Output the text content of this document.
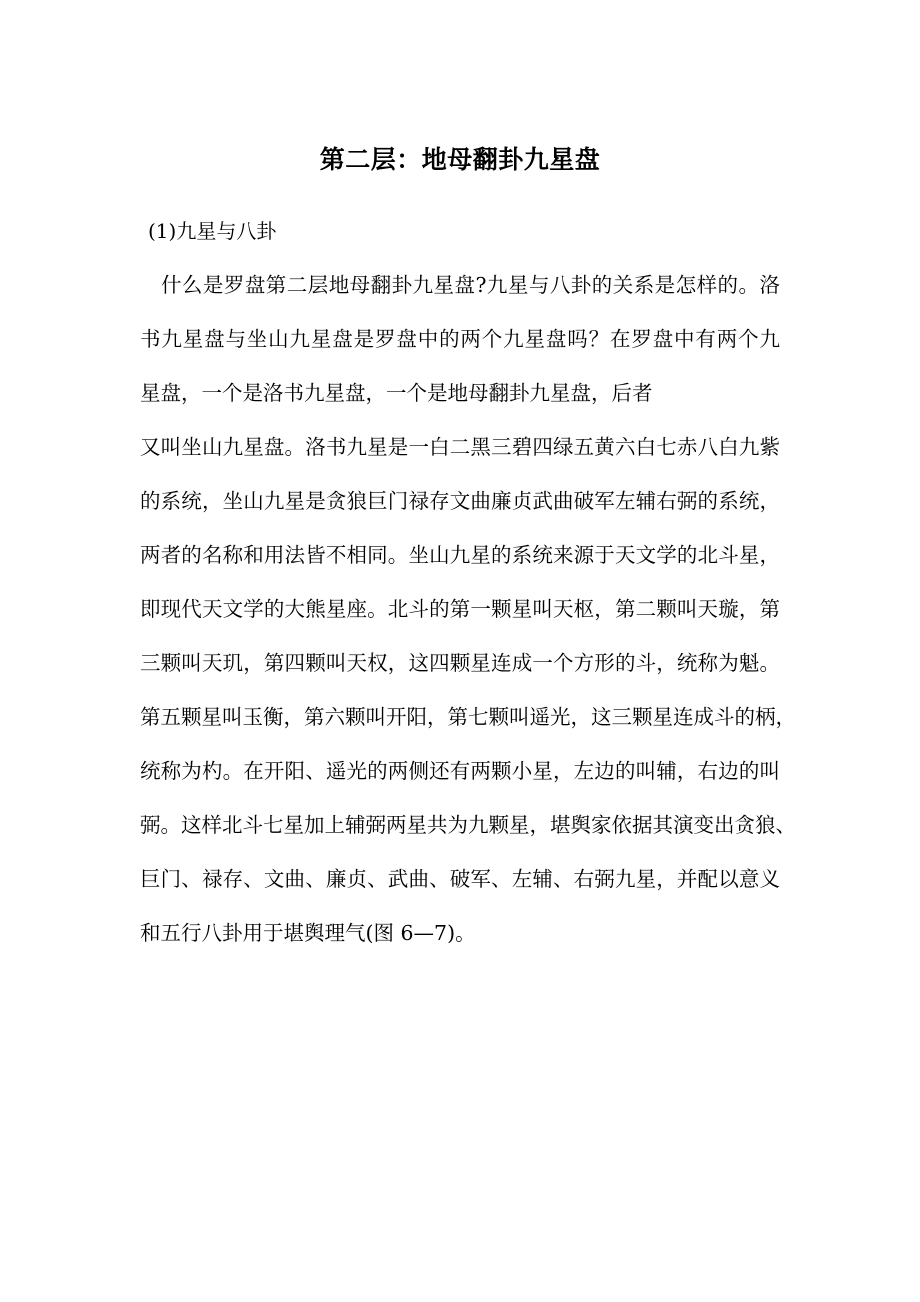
第二层：地母翻卦九星盘
(1)九星与八卦
　什么是罗盘第二层地母翻卦九星盘?九星与八卦的关系是怎样的。洛
书九星盘与坐山九星盘是罗盘中的两个九星盘吗？在罗盘中有两个九
星盘，一个是洛书九星盘，一个是地母翻卦九星盘，后者
又叫坐山九星盘。洛书九星是一白二黑三碧四绿五黄六白七赤八白九紫
的系统，坐山九星是贪狼巨门禄存文曲廉贞武曲破军左辅右弼的系统，
两者的名称和用法皆不相同。坐山九星的系统来源于天文学的北斗星，
即现代天文学的大熊星座。北斗的第一颗星叫天枢，第二颗叫天璇，第
三颗叫天玑，第四颗叫天权，这四颗星连成一个方形的斗，统称为魁。
第五颗星叫玉衡，第六颗叫开阳，第七颗叫遥光，这三颗星连成斗的柄，
统称为杓。在开阳、遥光的两侧还有两颗小星，左边的叫辅，右边的叫
弼。这样北斗七星加上辅弼两星共为九颗星，堪舆家依据其演变出贪狼、
巨门、禄存、文曲、廉贞、武曲、破军、左辅、右弼九星，并配以意义
和五行八卦用于堪舆理气(图 6—7)。
